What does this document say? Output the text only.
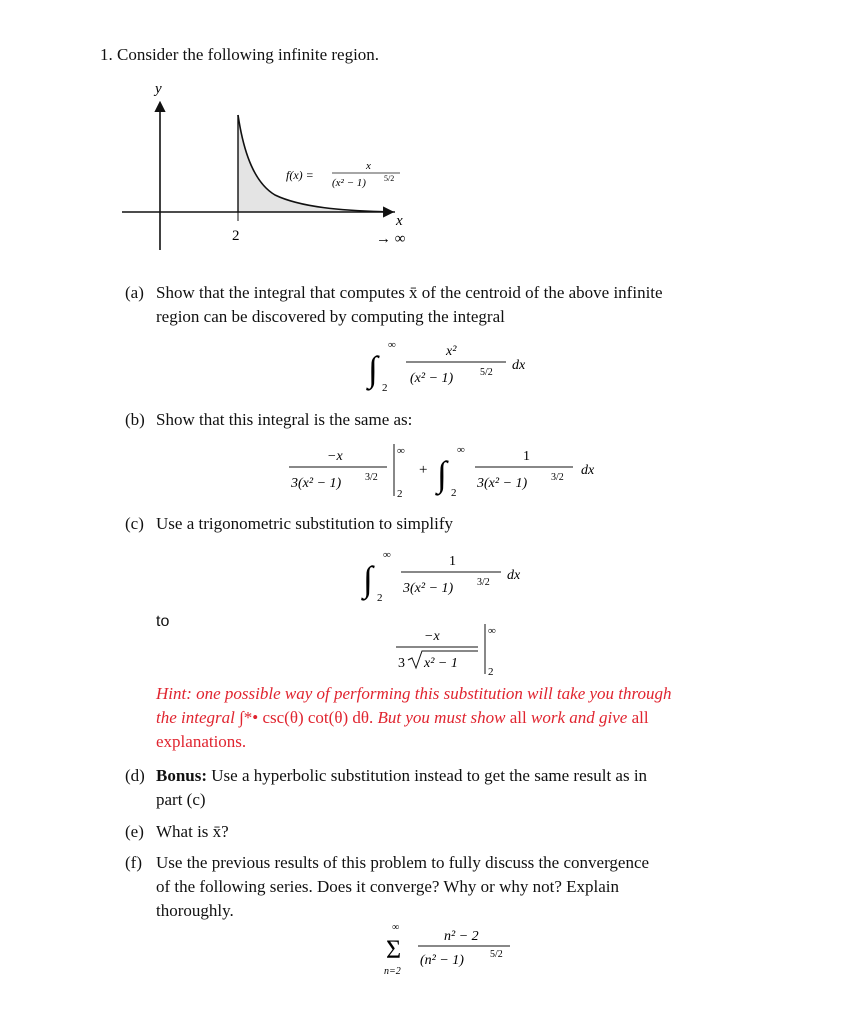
1. Consider the following infinite region.
y
2
x
→ ∞
f(x) =
x
(x² − 1) 5/2
(a) Show that the integral that computes x̄ of the centroid of the above infinite
region can be discovered by computing the integral
∫
∞
2
x²
(x² − 1)	5/2 dx
(b) Show that this integral is the same as:
−x
3(x² − 1) 3/2
∞
2
+ ∫
∞
2
1
3(x² − 1) 3/2 dx
(c) Use a trigonometric substitution to simplify
∫
∞
2
1
3(x² − 1) 3/2 dx
to
−x
3 x² − 1
∞
2
Hint: one possible way of performing this substitution will take you through
the integral ∫*• csc(θ) cot(θ) dθ. But you must show all work and give all
explanations.
(d) Bonus: Use a hyperbolic substitution instead to get the same result as in
part (c)
(e) What is x̄?
(f) Use the previous results of this problem to fully discuss the convergence
of the following series. Does it converge? Why or why not? Explain
thoroughly.
∞
Σ
n=2
n² − 2
(n² − 1)	5/2
